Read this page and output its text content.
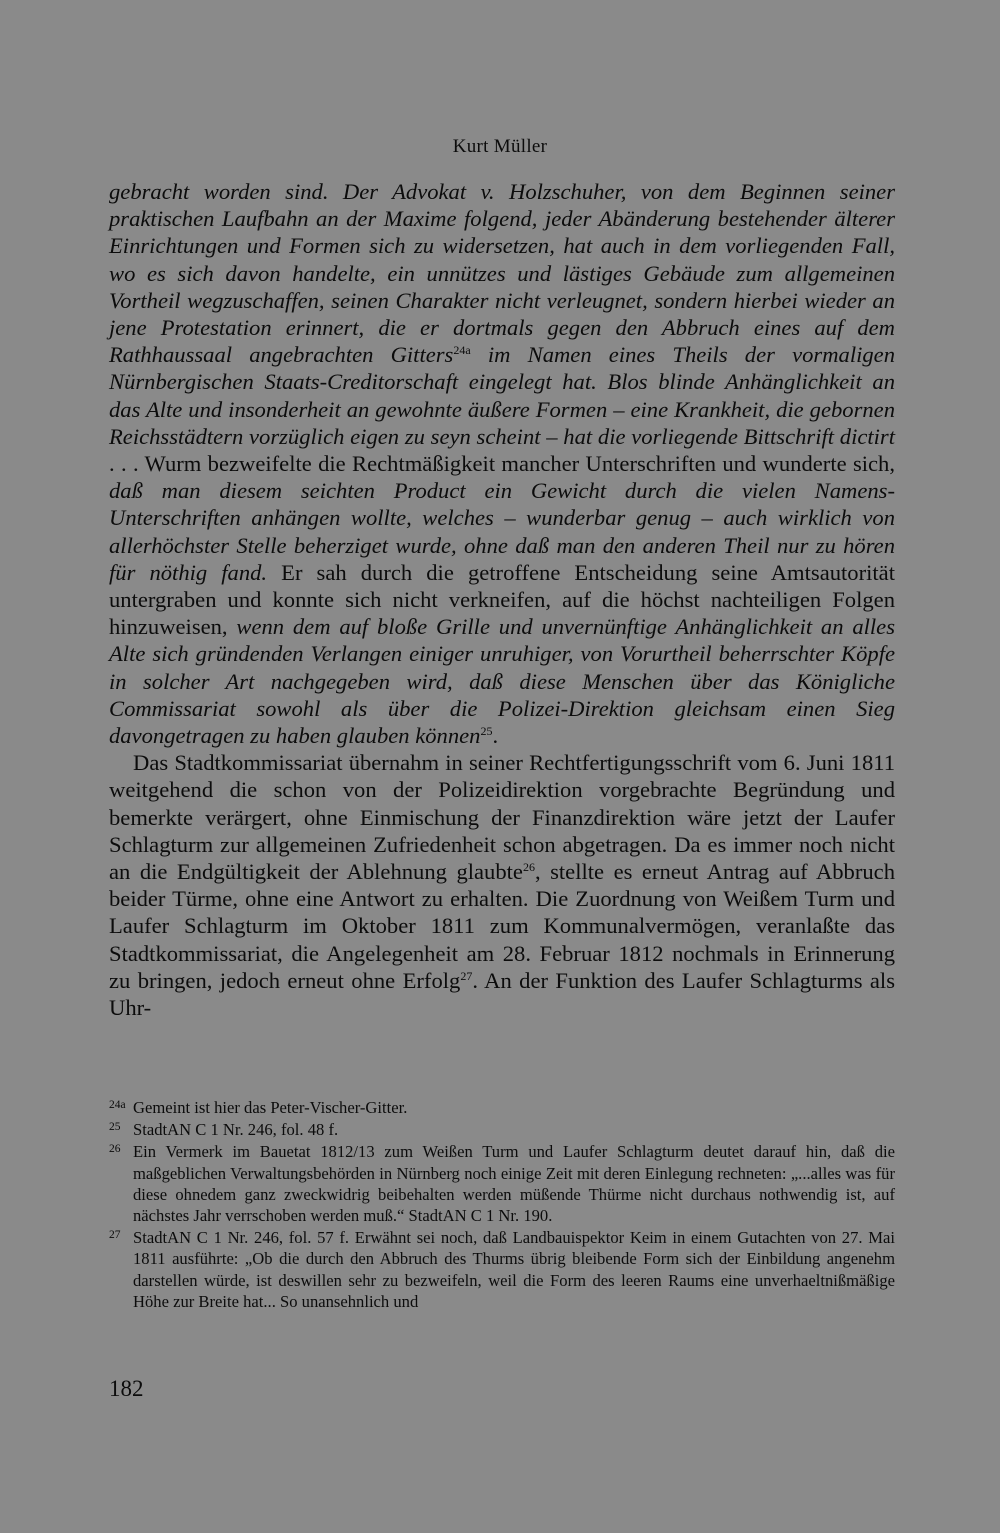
Kurt Müller

gebracht worden sind. Der Advokat v. Holzschuher, von dem Beginnen seiner praktischen Laufbahn an der Maxime folgend, jeder Abänderung bestehender älterer Einrichtungen und Formen sich zu widersetzen, hat auch in dem vorliegenden Fall, wo es sich davon handelte, ein unnützes und lästiges Gebäude zum allgemeinen Vortheil wegzuschaffen, seinen Charakter nicht verleugnet, sondern hierbei wieder an jene Protestation erinnert, die er dortmals gegen den Abbruch eines auf dem Rathhaussaal angebrachten Gitters$^{24a}$ im Namen eines Theils der vormaligen Nürnbergischen Staats-Creditorschaft eingelegt hat. Blos blinde Anhänglichkeit an das Alte und insonderheit an gewohnte äußere Formen – eine Krankheit, die gebornen Reichsstädtern vorzüglich eigen zu seyn scheint – hat die vorliegende Bittschrift dictirt . . . Wurm bezweifelte die Rechtmäßigkeit mancher Unterschriften und wunderte sich, daß man diesem seichten Product ein Gewicht durch die vielen Namens-Unterschriften anhängen wollte, welches – wunderbar genug – auch wirklich von allerhöchster Stelle beherziget wurde, ohne daß man den anderen Theil nur zu hören für nöthig fand. Er sah durch die getroffene Entscheidung seine Amtsautorität untergraben und konnte sich nicht verkneifen, auf die höchst nachteiligen Folgen hinzuweisen, wenn dem auf bloße Grille und unvernünftige Anhänglichkeit an alles Alte sich gründenden Verlangen einiger unruhiger, von Vorurtheil beherrschter Köpfe in solcher Art nachgegeben wird, daß diese Menschen über das Königliche Commissariat sowohl als über die Polizei-Direktion gleichsam einen Sieg davongetragen zu haben glauben können$^{25}$.

Das Stadtkommissariat übernahm in seiner Rechtfertigungsschrift vom 6. Juni 1811 weitgehend die schon von der Polizeidirektion vorgebrachte Begründung und bemerkte verärgert, ohne Einmischung der Finanzdirektion wäre jetzt der Laufer Schlagturm zur allgemeinen Zufriedenheit schon abgetragen. Da es immer noch nicht an die Endgültigkeit der Ablehnung glaubte$^{26}$, stellte es erneut Antrag auf Abbruch beider Türme, ohne eine Antwort zu erhalten. Die Zuordnung von Weißem Turm und Laufer Schlagturm im Oktober 1811 zum Kommunalvermögen, veranlaßte das Stadtkommissariat, die Angelegenheit am 28. Februar 1812 nochmals in Erinnerung zu bringen, jedoch erneut ohne Erfolg$^{27}$. An der Funktion des Laufer Schlagturms als Uhr-

24a Gemeint ist hier das Peter-Vischer-Gitter.
25 StadtAN C 1 Nr. 246, fol. 48 f.
26 Ein Vermerk im Bauetat 1812/13 zum Weißen Turm und Laufer Schlagturm deutet darauf hin, daß die maßgeblichen Verwaltungsbehörden in Nürnberg noch einige Zeit mit deren Einlegung rechneten: „...alles was für diese ohnedem ganz zweckwidrig beibehalten werden müßende Thürme nicht durchaus nothwendig ist, auf nächstes Jahr verrschoben werden muß.“ StadtAN C 1 Nr. 190.
27 StadtAN C 1 Nr. 246, fol. 57 f. Erwähnt sei noch, daß Landbauispektor Keim in einem Gutachten von 27. Mai 1811 ausführte: „Ob die durch den Abbruch des Thurms übrig bleibende Form sich der Einbildung angenehm darstellen würde, ist deswillen sehr zu bezweifeln, weil die Form des leeren Raums eine unverhaeltnißmäßige Höhe zur Breite hat... So unansehnlich und
182
